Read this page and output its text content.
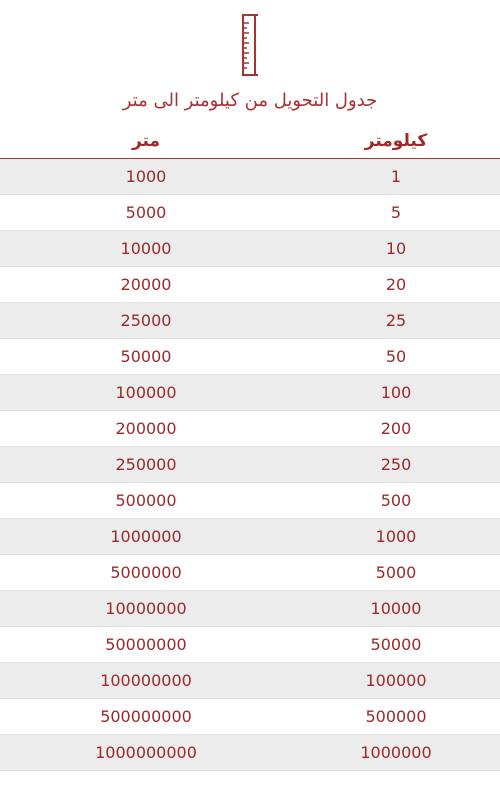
جدول التحويل من كيلومتر الى متر
متر	كيلومتر
1000	1
5000	5
10000	10
20000	20
25000	25
50000	50
100000	100
200000	200
250000	250
500000	500
1000000	1000
5000000	5000
10000000	10000
50000000	50000
100000000	100000
500000000	500000
1000000000	1000000
